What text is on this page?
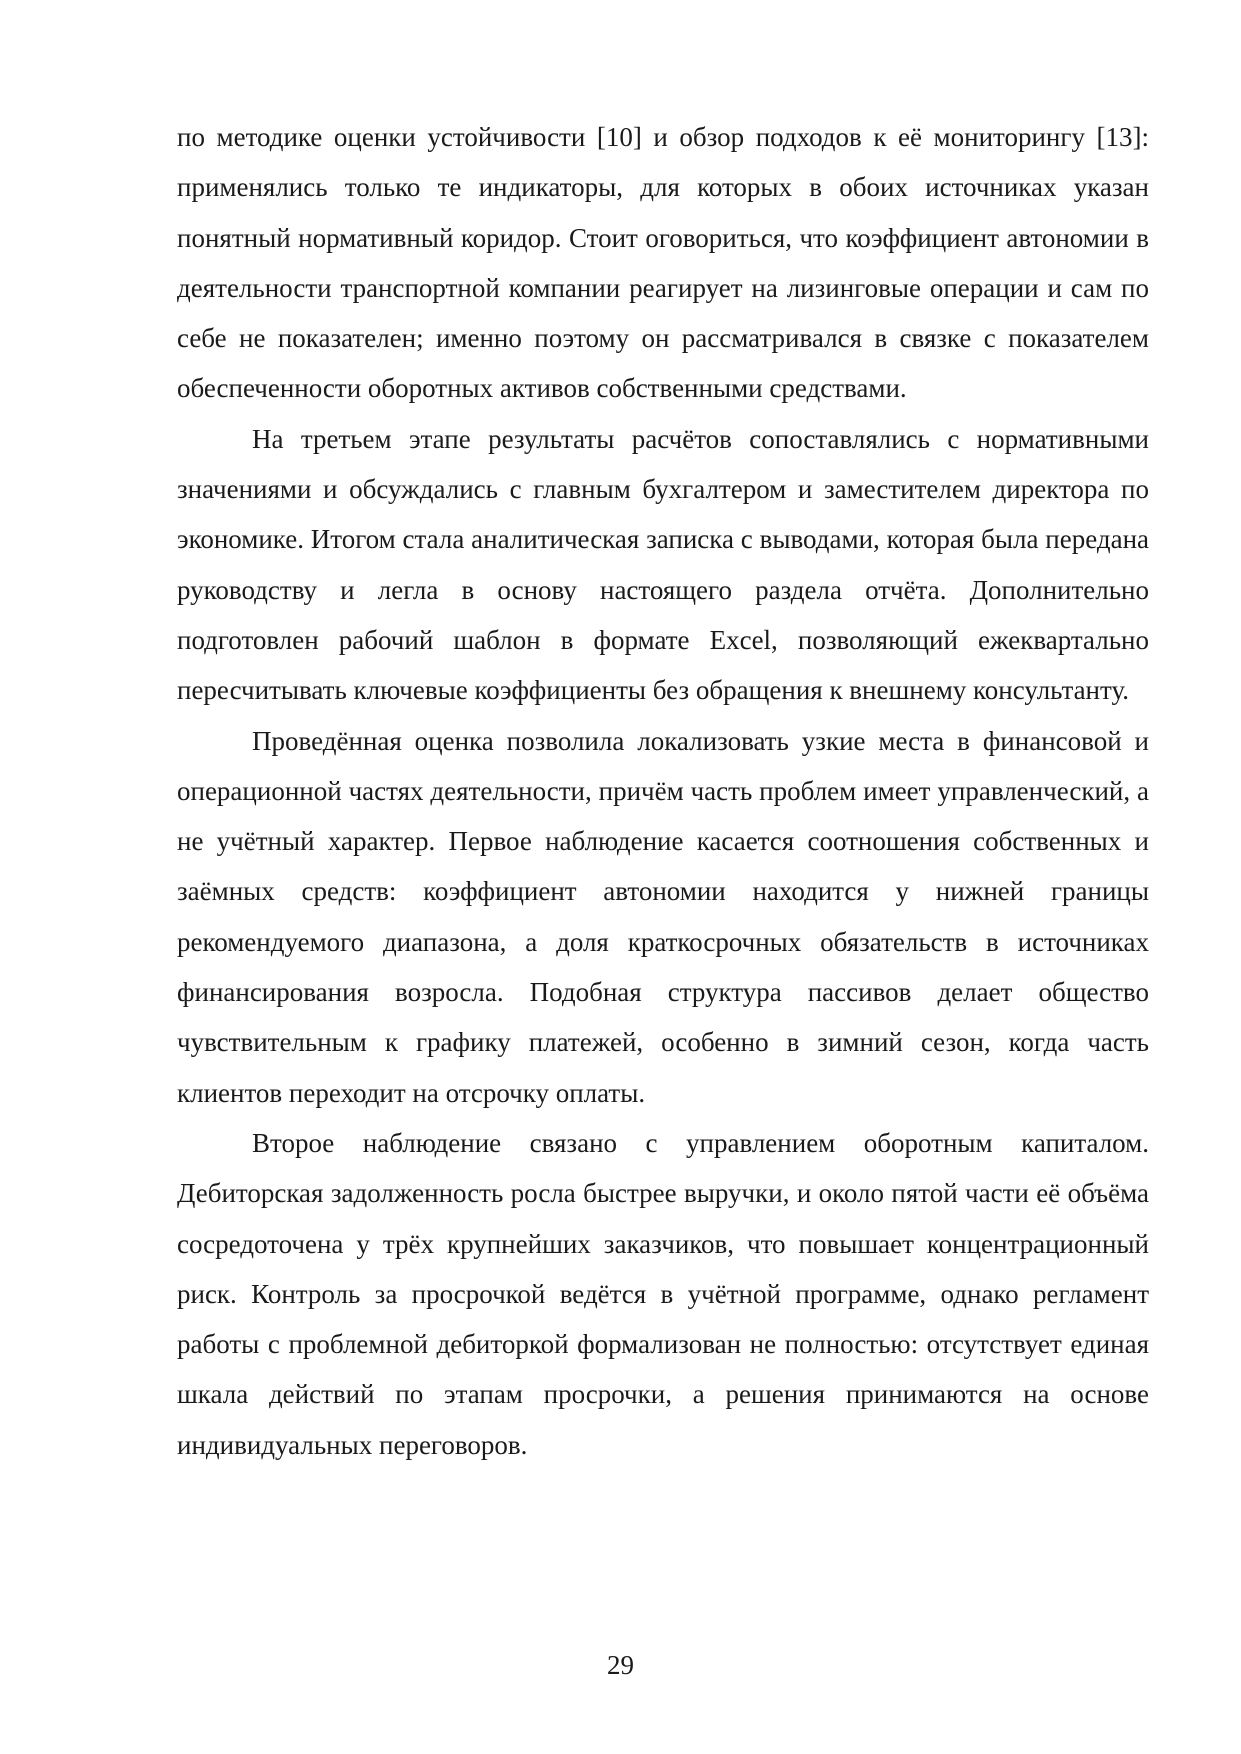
по методике оценки устойчивости [10] и обзор подходов к её мониторингу [13]: применялись только те индикаторы, для которых в обоих источниках указан понятный нормативный коридор. Стоит оговориться, что коэффициент автономии в деятельности транспортной компании реагирует на лизинговые операции и сам по себе не показателен; именно поэтому он рассматривался в связке с показателем обеспеченности оборотных активов собственными средствами.

На третьем этапе результаты расчётов сопоставлялись с нормативными значениями и обсуждались с главным бухгалтером и заместителем директора по экономике. Итогом стала аналитическая записка с выводами, которая была передана руководству и легла в основу настоящего раздела отчёта. Дополнительно подготовлен рабочий шаблон в формате Excel, позволяющий ежеквартально пересчитывать ключевые коэффициенты без обращения к внешнему консультанту.

Проведённая оценка позволила локализовать узкие места в финансовой и операционной частях деятельности, причём часть проблем имеет управленческий, а не учётный характер. Первое наблюдение касается соотношения собственных и заёмных средств: коэффициент автономии находится у нижней границы рекомендуемого диапазона, а доля краткосрочных обязательств в источниках финансирования возросла. Подобная структура пассивов делает общество чувствительным к графику платежей, особенно в зимний сезон, когда часть клиентов переходит на отсрочку оплаты.

Второе наблюдение связано с управлением оборотным капиталом. Дебиторская задолженность росла быстрее выручки, и около пятой части её объёма сосредоточена у трёх крупнейших заказчиков, что повышает концентрационный риск. Контроль за просрочкой ведётся в учётной программе, однако регламент работы с проблемной дебиторкой формализован не полностью: отсутствует единая шкала действий по этапам просрочки, а решения принимаются на основе индивидуальных переговоров.

29
